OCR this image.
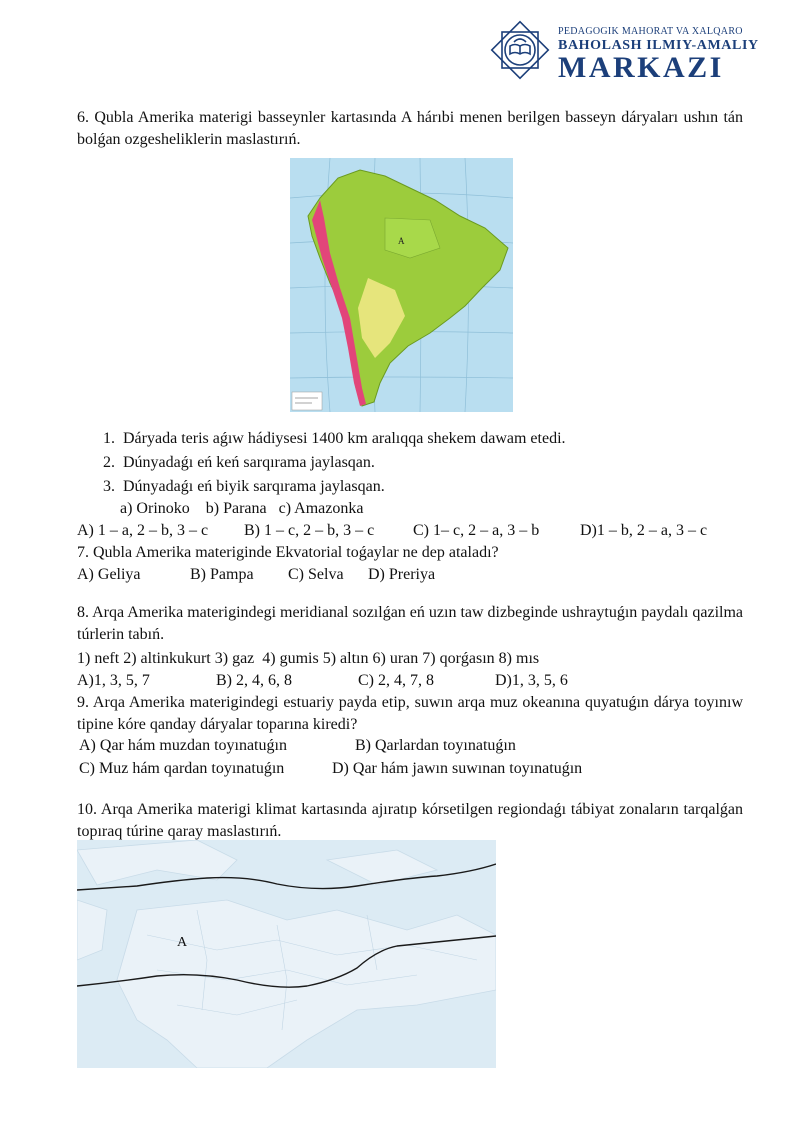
PEDAGOGIK MAHORAT VA XALQARO
BAHOLASH ILMIY-AMALIY
MARKAZI
6. Qubla Amerika materigi basseynler kartasında A hárıbi menen berilgen basseyn dáryaları ushın tán bolǵan ozgesheliklerin maslastırıń.
A
1.  Dáryada teris aǵıw hádiysesi 1400 km aralıqqa shekem dawam etedi.
2.  Dúnyadaǵı eń keń sarqırama jaylasqan.
3.  Dúnyadaǵı eń biyik sarqırama jaylasqan.
a) Orinoko    b) Parana   c) Amazonka
A) 1 – a, 2 – b, 3 – c B) 1 – c, 2 – b, 3 – c C) 1– c, 2 – a, 3 – b	D)1 – b, 2 – a, 3 – c
7. Qubla Amerika materiginde Ekvatorial toǵaylar ne dep ataladı?
A) Geliya	B) Pampa C) Selva D) Preriya
8. Arqa Amerika materigindegi meridianal sozılǵan eń uzın taw dizbeginde ushraytuǵın paydalı qazilma túrlerin tabıń.
1) neft 2) altinkukurt 3) gaz  4) gumis 5) altın 6) uran 7) qorǵasın 8) mıs
A)1, 3, 5, 7	B) 2, 4, 6, 8	C) 2, 4, 7, 8	D)1, 3, 5, 6
9. Arqa Amerika materigindegi estuariy payda etip, suwın arqa muz okeanına quyatuǵın dárya toyınıw tipine kóre qanday dáryalar toparına kiredi?
A) Qar hám muzdan toyınatuǵın	B) Qarlardan toyınatuǵın
C) Muz hám qardan toyınatuǵın	D) Qar hám jawın suwınan toyınatuǵın
10. Arqa Amerika materigi klimat kartasında ajıratıp kórsetilgen regiondaǵı tábiyat zonaların tarqalǵan topıraq túrine qaray maslastırıń.
A
